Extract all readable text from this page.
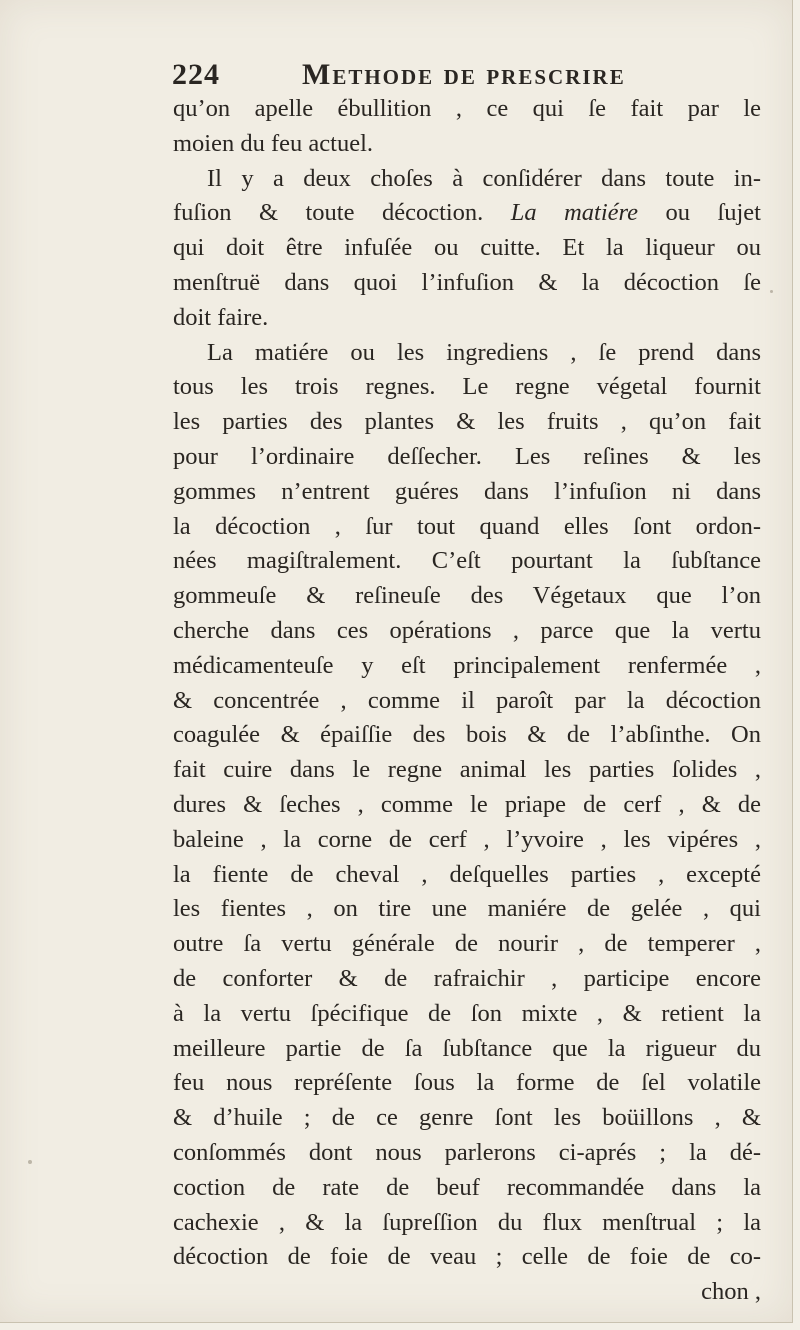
224	Methode de prescrire
qu’on apelle ébullition , ce qui ſe fait par le
moien du feu actuel.
Il y a deux choſes à conſidérer dans toute in-
fuſion & toute décoction. La matiére ou ſujet
qui doit être infuſée ou cuitte. Et la liqueur ou
menſtruë dans quoi l’infuſion & la décoction ſe
doit faire.
La matiére ou les ingrediens , ſe prend dans
tous les trois regnes. Le regne végetal fournit
les parties des plantes & les fruits , qu’on fait
pour l’ordinaire deſſecher. Les reſines & les
gommes n’entrent guéres dans l’infuſion ni dans
la décoction , ſur tout quand elles ſont ordon-
nées magiſtralement. C’eſt pourtant la ſubſtance
gommeuſe & reſineuſe des Végetaux que l’on
cherche dans ces opérations , parce que la vertu
médicamenteuſe y eſt principalement renfermée ,
& concentrée , comme il paroît par la décoction
coagulée & épaiſſie des bois & de l’abſinthe. On
fait cuire dans le regne animal les parties ſolides ,
dures & ſeches , comme le priape de cerf , & de
baleine , la corne de cerf , l’yvoire , les vipéres ,
la fiente de cheval , deſquelles parties , excepté
les fientes , on tire une maniére de gelée , qui
outre ſa vertu générale de nourir , de temperer ,
de conforter & de rafraichir , participe encore
à la vertu ſpécifique de ſon mixte , & retient la
meilleure partie de ſa ſubſtance que la rigueur du
feu nous repréſente ſous la forme de ſel volatile
& d’huile ; de ce genre ſont les boüillons , &
conſommés dont nous parlerons ci-aprés ; la dé-
coction de rate de beuf recommandée dans la
cachexie , & la ſupreſſion du flux menſtrual ; la
décoction de foie de veau ; celle de foie de co-
chon ,
